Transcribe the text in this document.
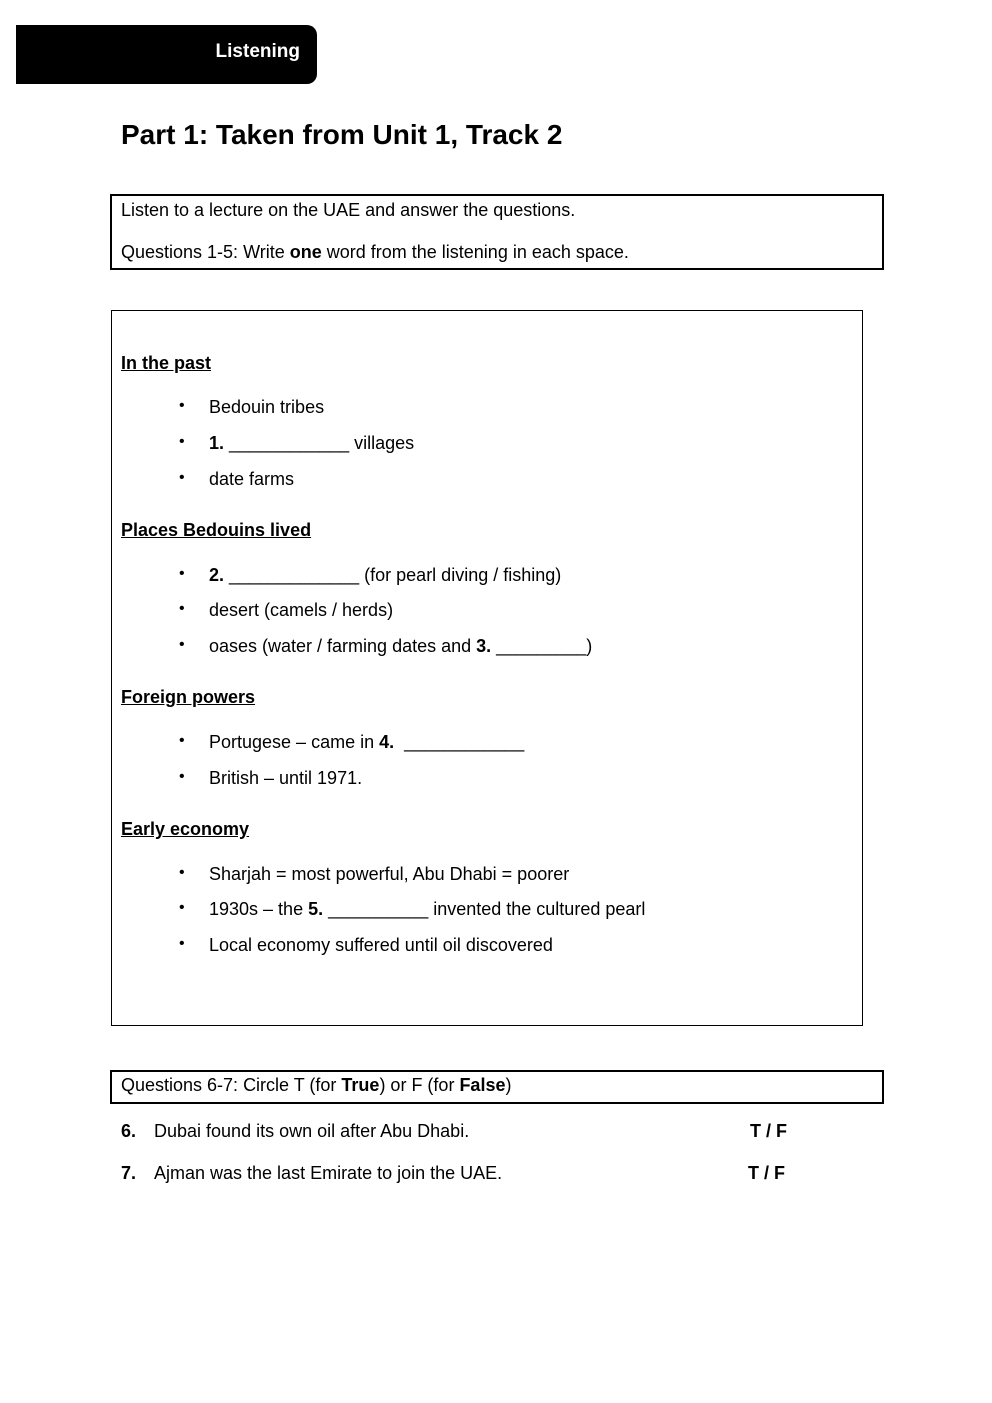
Listening
Part 1: Taken from Unit 1, Track 2

Listen to a lecture on the UAE and answer the questions.

Questions 1-5: Write one word from the listening in each space.

In the past

•

Bedouin tribes

•

1. ____________ villages

•

date farms

Places Bedouins lived

•

2. _____________ (for pearl diving / fishing)

•

desert (camels / herds)

•

oases (water / farming dates and 3. _________)

Foreign powers

•

Portugese – came in 4.  ____________

•

British – until 1971.

Early economy

•

Sharjah = most powerful, Abu Dhabi = poorer

•

1930s – the 5. __________ invented the cultured pearl

•

Local economy suffered until oil discovered

Questions 6-7: Circle T (for True) or F (for False)

6. Dubai found its own oil after Abu Dhabi.	T / F
7. Ajman was the last Emirate to join the UAE.	T / F
